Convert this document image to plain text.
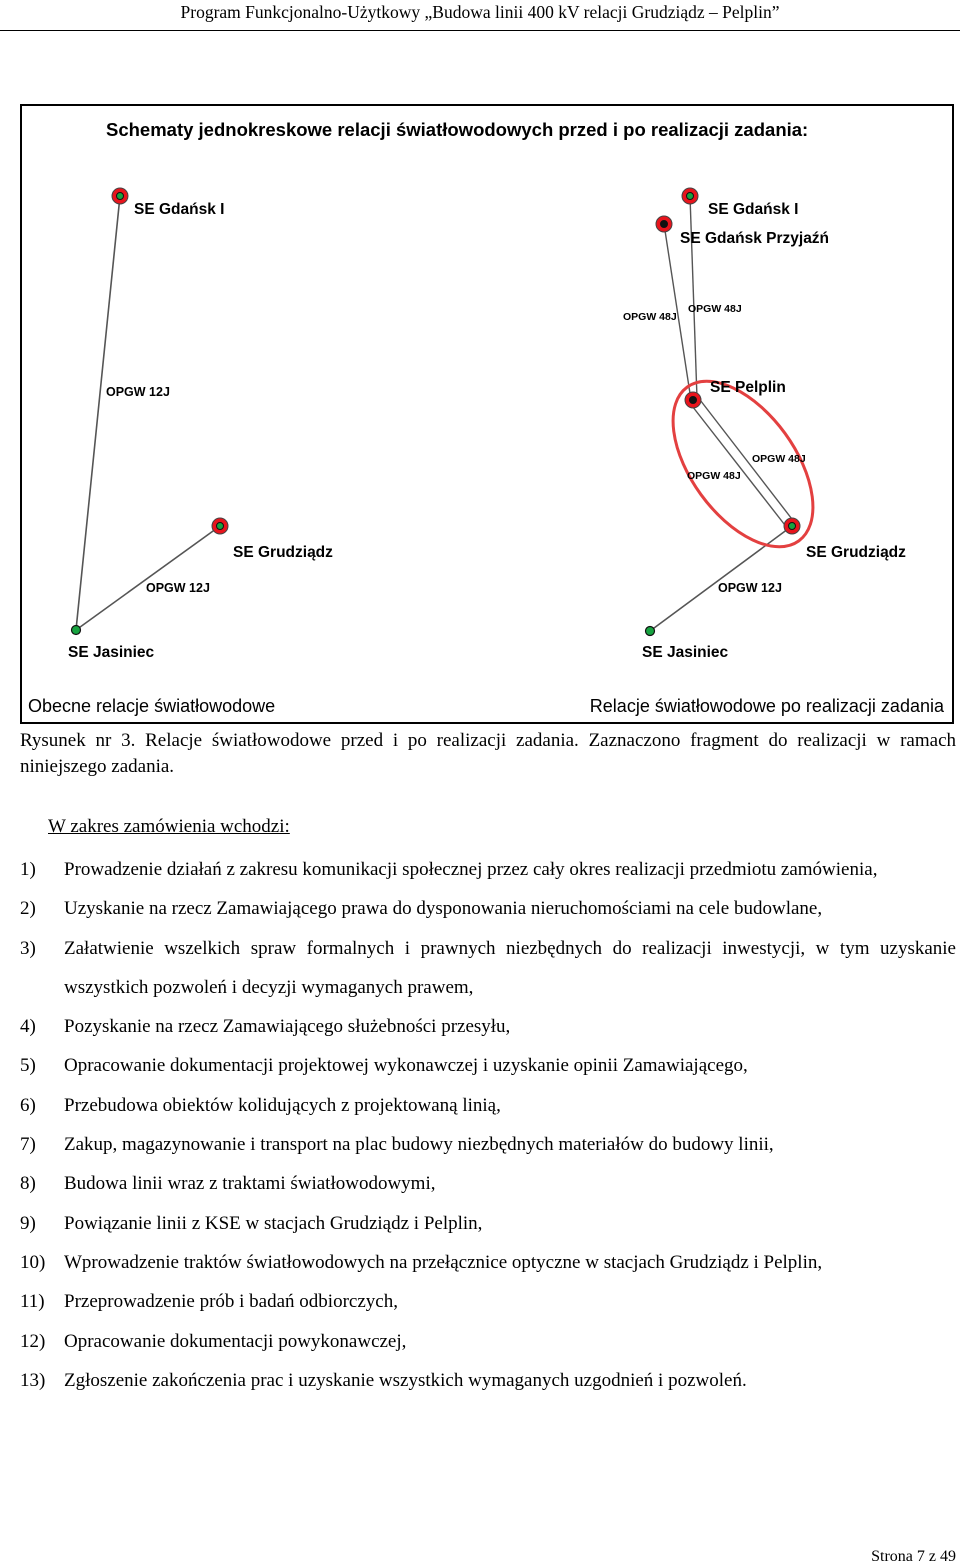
Program Funkcjonalno-Użytkowy „Budowa linii 400 kV relacji Grudziądz – Pelplin”
Schematy jednokreskowe relacji światłowodowych przed i po realizacji zadania:
SE Gdańsk I
SE Grudziądz
SE Jasiniec
OPGW 12J
OPGW 12J
SE Gdańsk I
SE Gdańsk Przyjaźń
SE Pelplin
SE Grudziądz
SE Jasiniec
OPGW 48J
OPGW 48J
OPGW 48J
OPGW 48J
OPGW 12J
Obecne relacje światłowodowe	Relacje światłowodowe po realizacji zadania
Rysunek nr 3. Relacje światłowodowe przed i po realizacji zadania. Zaznaczono fragment do realizacji w ramach niniejszego zadania.
W zakres zamówienia wchodzi:
1)	Prowadzenie działań z zakresu komunikacji społecznej przez cały okres realizacji przedmiotu zamówienia,
2)	Uzyskanie na rzecz Zamawiającego prawa do dysponowania nieruchomościami na cele budowlane,
3)	Załatwienie wszelkich spraw formalnych i prawnych niezbędnych do realizacji inwestycji, w tym uzyskanie wszystkich pozwoleń i decyzji wymaganych prawem,
4)	Pozyskanie na rzecz Zamawiającego służebności przesyłu,
5)	Opracowanie dokumentacji projektowej wykonawczej i uzyskanie opinii Zamawiającego,
6)	Przebudowa obiektów kolidujących z projektowaną linią,
7)	Zakup, magazynowanie i transport na plac budowy niezbędnych materiałów do budowy linii,
8)	Budowa linii wraz z traktami światłowodowymi,
9)	Powiązanie linii z KSE w stacjach Grudziądz i Pelplin,
10) Wprowadzenie traktów światłowodowych na przełącznice optyczne w stacjach Grudziądz i Pelplin,
11)	Przeprowadzenie prób i badań odbiorczych,
12) Opracowanie dokumentacji powykonawczej,
13) Zgłoszenie zakończenia prac i uzyskanie wszystkich wymaganych uzgodnień i pozwoleń.
Strona 7 z 49
